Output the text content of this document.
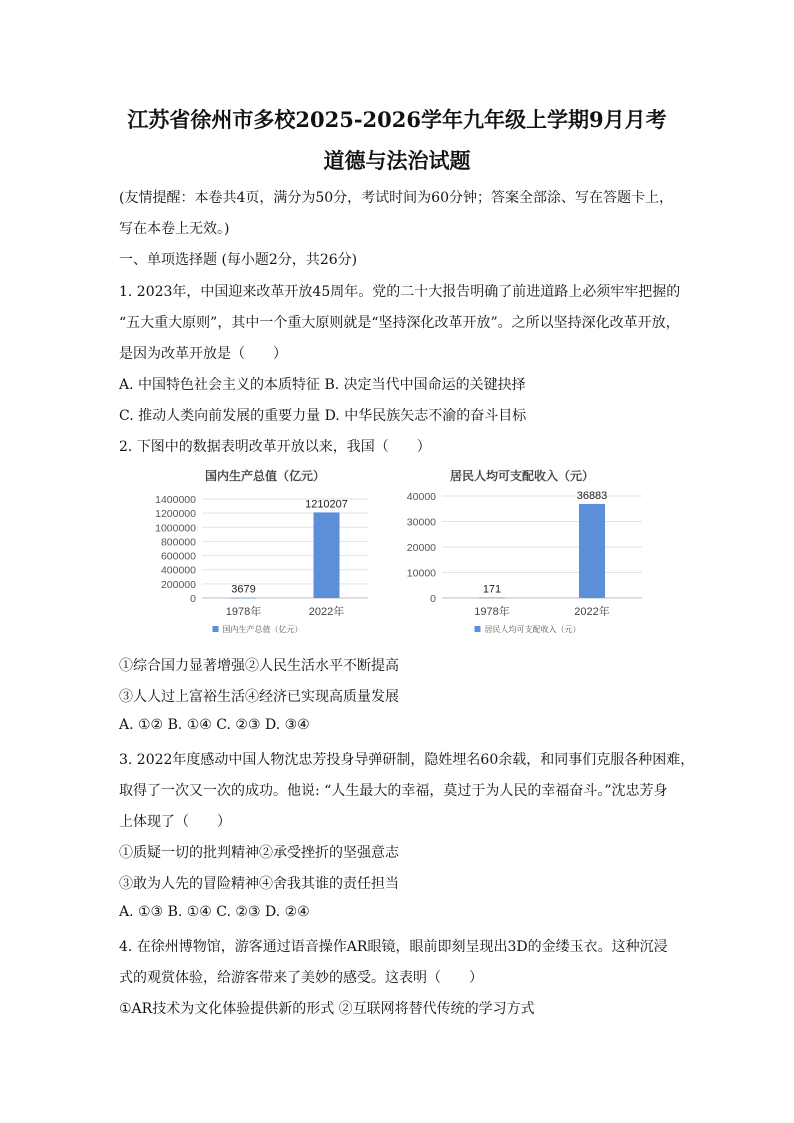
江苏省徐州市多校2025-2026学年九年级上学期9月月考
道德与法治试题
(友情提醒：本卷共4页，满分为50分，考试时间为60分钟；答案全部涂、写在答题卡上，
写在本卷上无效。)
一、单项选择题 (每小题2分，共26分)
1. 2023年，中国迎来改革开放45周年。党的二十大报告明确了前进道路上必须牢牢把握的
“五大重大原则”，其中一个重大原则就是“坚持深化改革开放”。之所以坚持深化改革开放，
是因为改革开放是（　　）
A. 中国特色社会主义的本质特征 B. 决定当代中国命运的关键抉择
C. 推动人类向前发展的重要力量 D. 中华民族矢志不渝的奋斗目标
2. 下图中的数据表明改革开放以来，我国（　　）
国内生产总值（亿元）
1400000
1200000
1000000
800000
600000
400000
200000
0
3679
1978年
1210207
2022年
国内生产总值（亿元）
居民人均可支配收入（元）
40000
30000
20000
10000
0
171
1978年
36883
2022年
居民人均可支配收入（元）
①综合国力显著增强②人民生活水平不断提高
③人人过上富裕生活④经济已实现高质量发展
A. ①② B. ①④ C. ②③ D. ③④
3. 2022年度感动中国人物沈忠芳投身导弹研制，隐姓埋名60余载，和同事们克服各种困难，
取得了一次又一次的成功。他说: “人生最大的幸福，莫过于为人民的幸福奋斗。”沈忠芳身
上体现了（　　）
①质疑一切的批判精神②承受挫折的坚强意志
③敢为人先的冒险精神④舍我其谁的责任担当
A. ①③ B. ①④ C. ②③ D. ②④
4. 在徐州博物馆，游客通过语音操作AR眼镜，眼前即刻呈现出3D的金缕玉衣。这种沉浸
式的观赏体验，给游客带来了美妙的感受。这表明（　　）
①AR技术为文化体验提供新的形式 ②互联网将替代传统的学习方式
